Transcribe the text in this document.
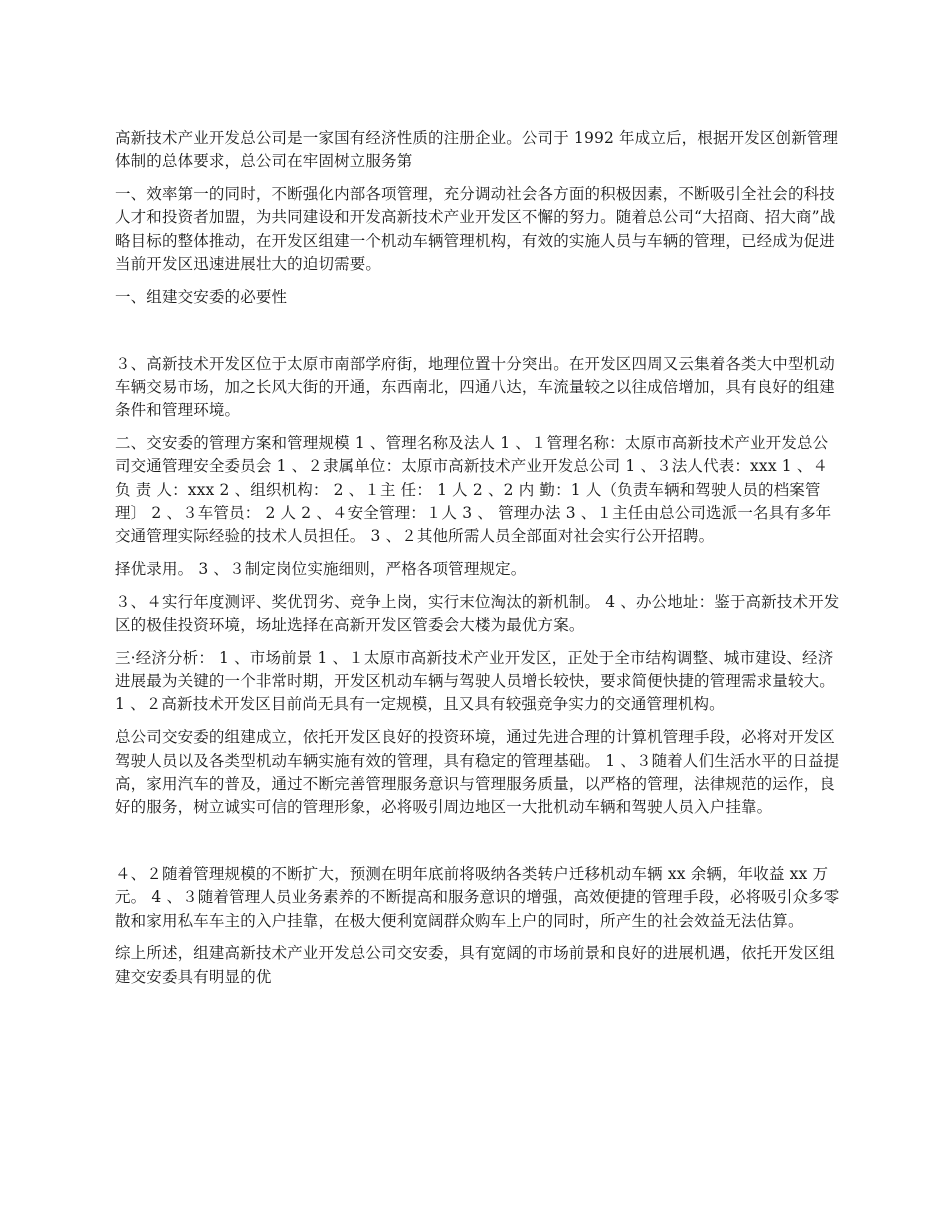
高新技术产业开发总公司是一家国有经济性质的注册企业。公司于 1992 年成立后，根据开发区创新管理体制的总体要求，总公司在牢固树立服务第

一、效率第一的同时，不断强化内部各项管理，充分调动社会各方面的积极因素，不断吸引全社会的科技人才和投资者加盟，为共同建设和开发高新技术产业开发区不懈的努力。随着总公司“大招商、招大商”战略目标的整体推动，在开发区组建一个机动车辆管理机构，有效的实施人员与车辆的管理，已经成为促进当前开发区迅速进展壮大的迫切需要。

一、组建交安委的必要性

３、高新技术开发区位于太原市南部学府街，地理位置十分突出。在开发区四周又云集着各类大中型机动车辆交易市场，加之长风大街的开通，东西南北，四通八达，车流量较之以往成倍增加，具有良好的组建条件和管理环境。

二、交安委的管理方案和管理规模 1 、管理名称及法人 1 、１管理名称：太原市高新技术产业开发总公司交通管理安全委员会 1 、２隶属单位：太原市高新技术产业开发总公司 1 、３法人代表：xxx 1 、４负 责 人：xxx 2 、组织机构： 2 、１主 任： 1 人 2 、2 内 勤：1 人（负责车辆和驾驶人员的档案管理〕 2 、３车管员： 2 人 2 、４安全管理：１人 3 、 管理办法 3 、１主任由总公司选派一名具有多年交通管理实际经验的技术人员担任。 3 、２其他所需人员全部面对社会实行公开招聘。

择优录用。 3 、３制定岗位实施细则，严格各项管理规定。

３、４实行年度测评、奖优罚劣、竞争上岗，实行末位淘汰的新机制。 4 、办公地址：鉴于高新技术开发区的极佳投资环境，场址选择在高新开发区管委会大楼为最优方案。

三·经济分析： 1 、市场前景 1 、１太原市高新技术产业开发区，正处于全市结构调整、城市建设、经济进展最为关键的一个非常时期，开发区机动车辆与驾驶人员增长较快，要求简便快捷的管理需求量较大。 1 、２高新技术开发区目前尚无具有一定规模，且又具有较强竞争实力的交通管理机构。

总公司交安委的组建成立，依托开发区良好的投资环境，通过先进合理的计算机管理手段，必将对开发区驾驶人员以及各类型机动车辆实施有效的管理，具有稳定的管理基础。 1 、３随着人们生活水平的日益提高，家用汽车的普及，通过不断完善管理服务意识与管理服务质量，以严格的管理，法律规范的运作，良好的服务，树立诚实可信的管理形象，必将吸引周边地区一大批机动车辆和驾驶人员入户挂靠。

４、２随着管理规模的不断扩大，预测在明年底前将吸纳各类转户迁移机动车辆 xx 余辆，年收益 xx 万元。 4 、３随着管理人员业务素养的不断提高和服务意识的增强，高效便捷的管理手段，必将吸引众多零散和家用私车车主的入户挂靠，在极大便利宽阔群众购车上户的同时，所产生的社会效益无法估算。

综上所述，组建高新技术产业开发总公司交安委，具有宽阔的市场前景和良好的进展机遇，依托开发区组建交安委具有明显的优
